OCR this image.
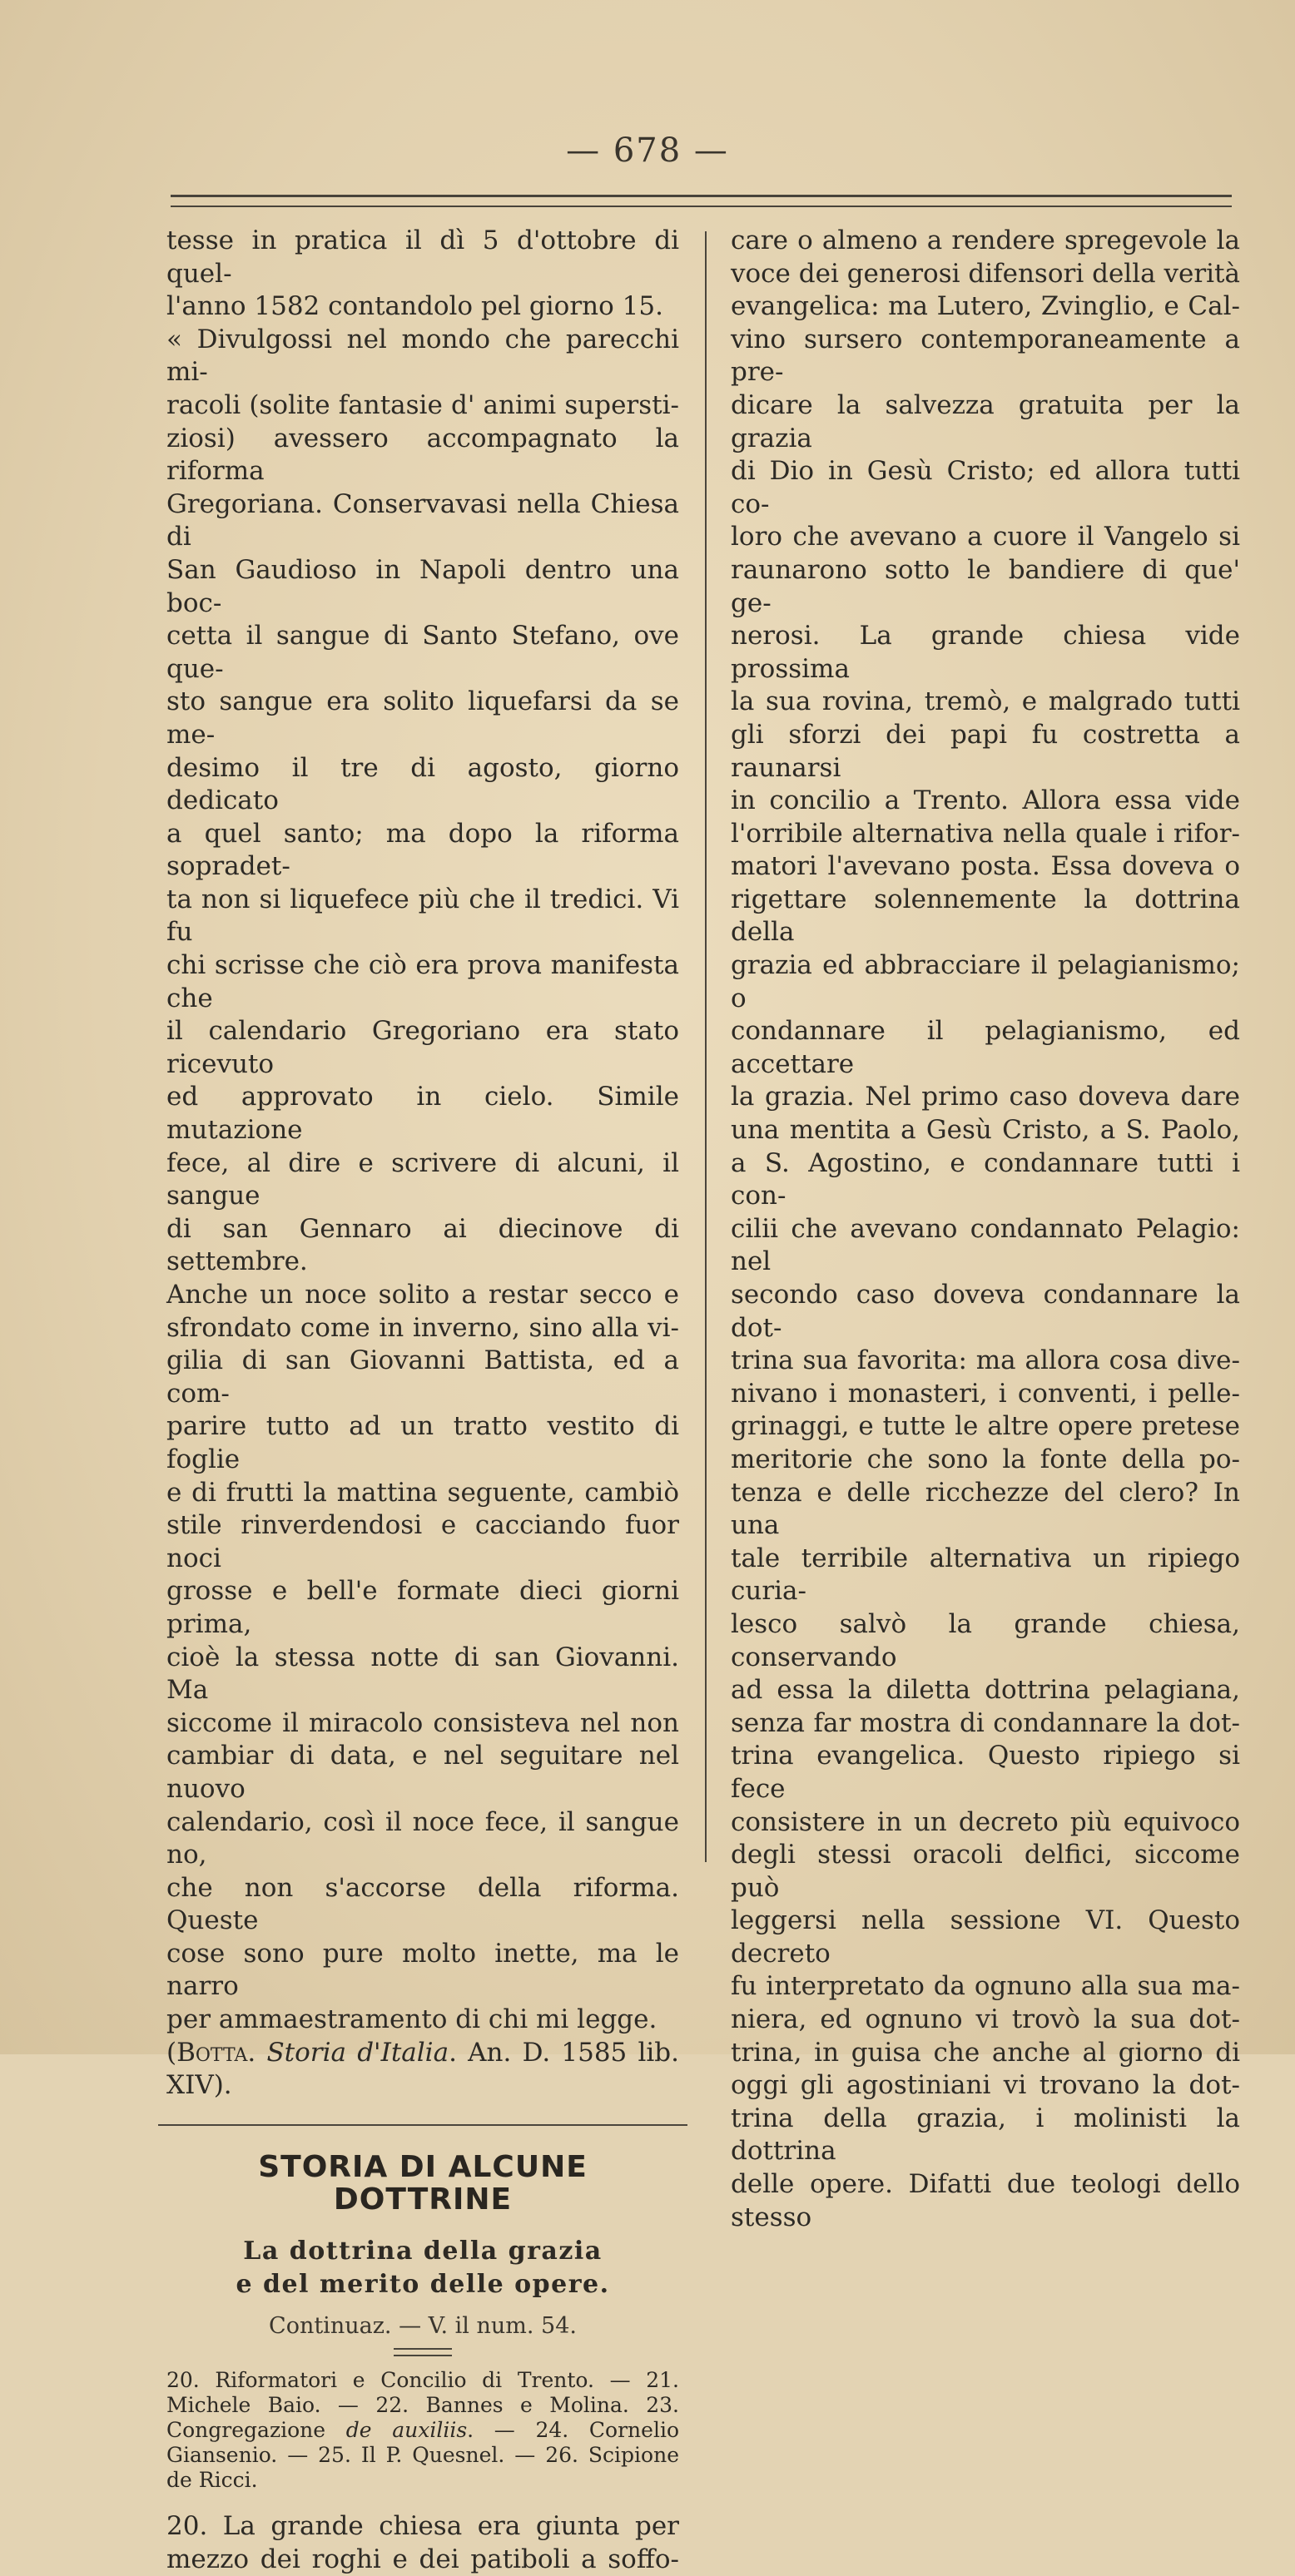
— 678 —
tesse in pratica il dì 5 d'ottobre di quel-
l'anno 1582 contandolo pel giorno 15.
« Divulgossi nel mondo che parecchi mi-
racoli (solite fantasie d' animi supersti-
ziosi) avessero accompagnato la riforma
Gregoriana. Conservavasi nella Chiesa di
San Gaudioso in Napoli dentro una boc-
cetta il sangue di Santo Stefano, ove que-
sto sangue era solito liquefarsi da se me-
desimo il tre di agosto, giorno dedicato
a quel santo; ma dopo la riforma sopradet-
ta non si liquefece più che il tredici. Vi fu
chi scrisse che ciò era prova manifesta che
il calendario Gregoriano era stato ricevuto
ed approvato in cielo. Simile mutazione
fece, al dire e scrivere di alcuni, il sangue
di san Gennaro ai diecinove di settembre.
Anche un noce solito a restar secco e
sfrondato come in inverno, sino alla vi-
gilia di san Giovanni Battista, ed a com-
parire tutto ad un tratto vestito di foglie
e di frutti la mattina seguente, cambiò
stile rinverdendosi e cacciando fuor noci
grosse e bell'e formate dieci giorni prima,
cioè la stessa notte di san Giovanni. Ma
siccome il miracolo consisteva nel non
cambiar di data, e nel seguitare nel nuovo
calendario, così il noce fece, il sangue no,
che non s'accorse della riforma. Queste
cose sono pure molto inette, ma le narro
per ammaestramento di chi mi legge.
(Botta. Storia d'Italia. An. D. 1585 lib.
XIV).
STORIA DI ALCUNE DOTTRINE
La dottrina della grazia
e del merito delle opere.
Continuaz. — V. il num. 54.
20. Riformatori e Concilio di Trento. — 21. Michele Baio. — 22. Bannes e Molina. 23. Congregazione de auxiliis. — 24. Cornelio Giansenio. — 25. Il P. Quesnel. — 26. Scipione de Ricci.
20. La grande chiesa era giunta per
mezzo dei roghi e dei patiboli a soffo-
care o almeno a rendere spregevole la
voce dei generosi difensori della verità
evangelica: ma Lutero, Zvinglio, e Cal-
vino sursero contemporaneamente a pre-
dicare la salvezza gratuita per la grazia
di Dio in Gesù Cristo; ed allora tutti co-
loro che avevano a cuore il Vangelo si
raunarono sotto le bandiere di que' ge-
nerosi. La grande chiesa vide prossima
la sua rovina, tremò, e malgrado tutti
gli sforzi dei papi fu costretta a raunarsi
in concilio a Trento. Allora essa vide
l'orribile alternativa nella quale i rifor-
matori l'avevano posta. Essa doveva o
rigettare solennemente la dottrina della
grazia ed abbracciare il pelagianismo; o
condannare il pelagianismo, ed accettare
la grazia. Nel primo caso doveva dare
una mentita a Gesù Cristo, a S. Paolo,
a S. Agostino, e condannare tutti i con-
cilii che avevano condannato Pelagio: nel
secondo caso doveva condannare la dot-
trina sua favorita: ma allora cosa dive-
nivano i monasteri, i conventi, i pelle-
grinaggi, e tutte le altre opere pretese
meritorie che sono la fonte della po-
tenza e delle ricchezze del clero? In una
tale terribile alternativa un ripiego curia-
lesco salvò la grande chiesa, conservando
ad essa la diletta dottrina pelagiana,
senza far mostra di condannare la dot-
trina evangelica. Questo ripiego si fece
consistere in un decreto più equivoco
degli stessi oracoli delfici, siccome può
leggersi nella sessione VI. Questo decreto
fu interpretato da ognuno alla sua ma-
niera, ed ognuno vi trovò la sua dot-
trina, in guisa che anche al giorno di
oggi gli agostiniani vi trovano la dot-
trina della grazia, i molinisti la dottrina
delle opere. Difatti due teologi dello stesso
